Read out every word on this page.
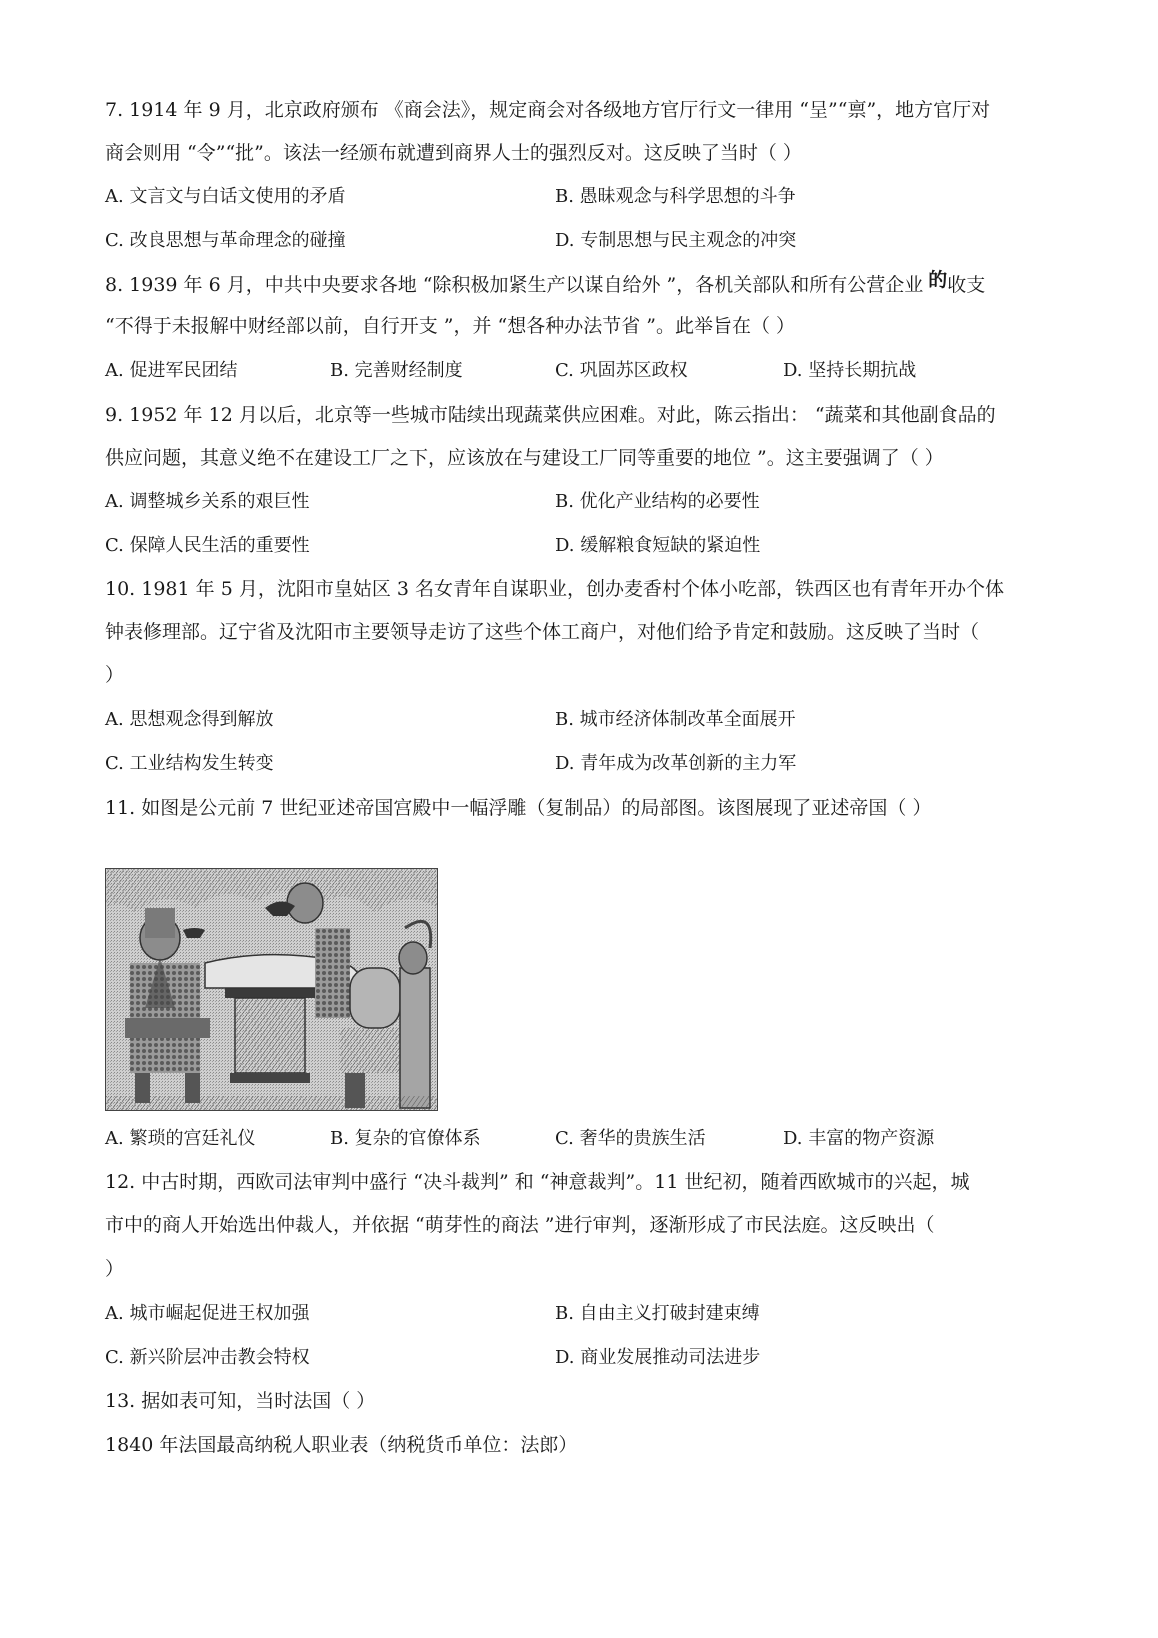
7. 1914 年 9 月，北京政府颁布 《商会法》，规定商会对各级地方官厅行文一律用 “呈”“禀”，地方官厅对
商会则用 “令”“批”。该法一经颁布就遭到商界人士的强烈反对。这反映了当时（ ）
A. 文言文与白话文使用的矛盾	B. 愚昧观念与科学思想的斗争
C. 改良思想与革命理念的碰撞	D. 专制思想与民主观念的冲突
8. 1939 年 6 月，中共中央要求各地 “除积极加紧生产以谋自给外 ”，各机关部队和所有公营企业 的收支
“不得于未报解中财经部以前，自行开支 ”，并 “想各种办法节省 ”。此举旨在（ ）
A. 促进军民团结	B. 完善财经制度	C. 巩固苏区政权	D. 坚持长期抗战
9. 1952 年 12 月以后，北京等一些城市陆续出现蔬菜供应困难。对此，陈云指出： “蔬菜和其他副食品的
供应问题，其意义绝不在建设工厂之下，应该放在与建设工厂同等重要的地位 ”。这主要强调了（ ）
A. 调整城乡关系的艰巨性	B. 优化产业结构的必要性
C. 保障人民生活的重要性	D. 缓解粮食短缺的紧迫性
10. 1981 年 5 月，沈阳市皇姑区 3 名女青年自谋职业，创办麦香村个体小吃部，铁西区也有青年开办个体
钟表修理部。辽宁省及沈阳市主要领导走访了这些个体工商户，对他们给予肯定和鼓励。这反映了当时（
）
A. 思想观念得到解放	B. 城市经济体制改革全面展开
C. 工业结构发生转变	D. 青年成为改革创新的主力军
11. 如图是公元前 7 世纪亚述帝国宫殿中一幅浮雕（复制品）的局部图。该图展现了亚述帝国（ ）
A. 繁琐的宫廷礼仪	B. 复杂的官僚体系	C. 奢华的贵族生活	D. 丰富的物产资源
12. 中古时期，西欧司法审判中盛行 “决斗裁判” 和 “神意裁判”。11 世纪初，随着西欧城市的兴起，城
市中的商人开始选出仲裁人，并依据 “萌芽性的商法 ”进行审判，逐渐形成了市民法庭。这反映出（
）
A. 城市崛起促进王权加强	B. 自由主义打破封建束缚
C. 新兴阶层冲击教会特权	D. 商业发展推动司法进步
13. 据如表可知，当时法国（ ）
1840 年法国最高纳税人职业表（纳税货币单位：法郎）
